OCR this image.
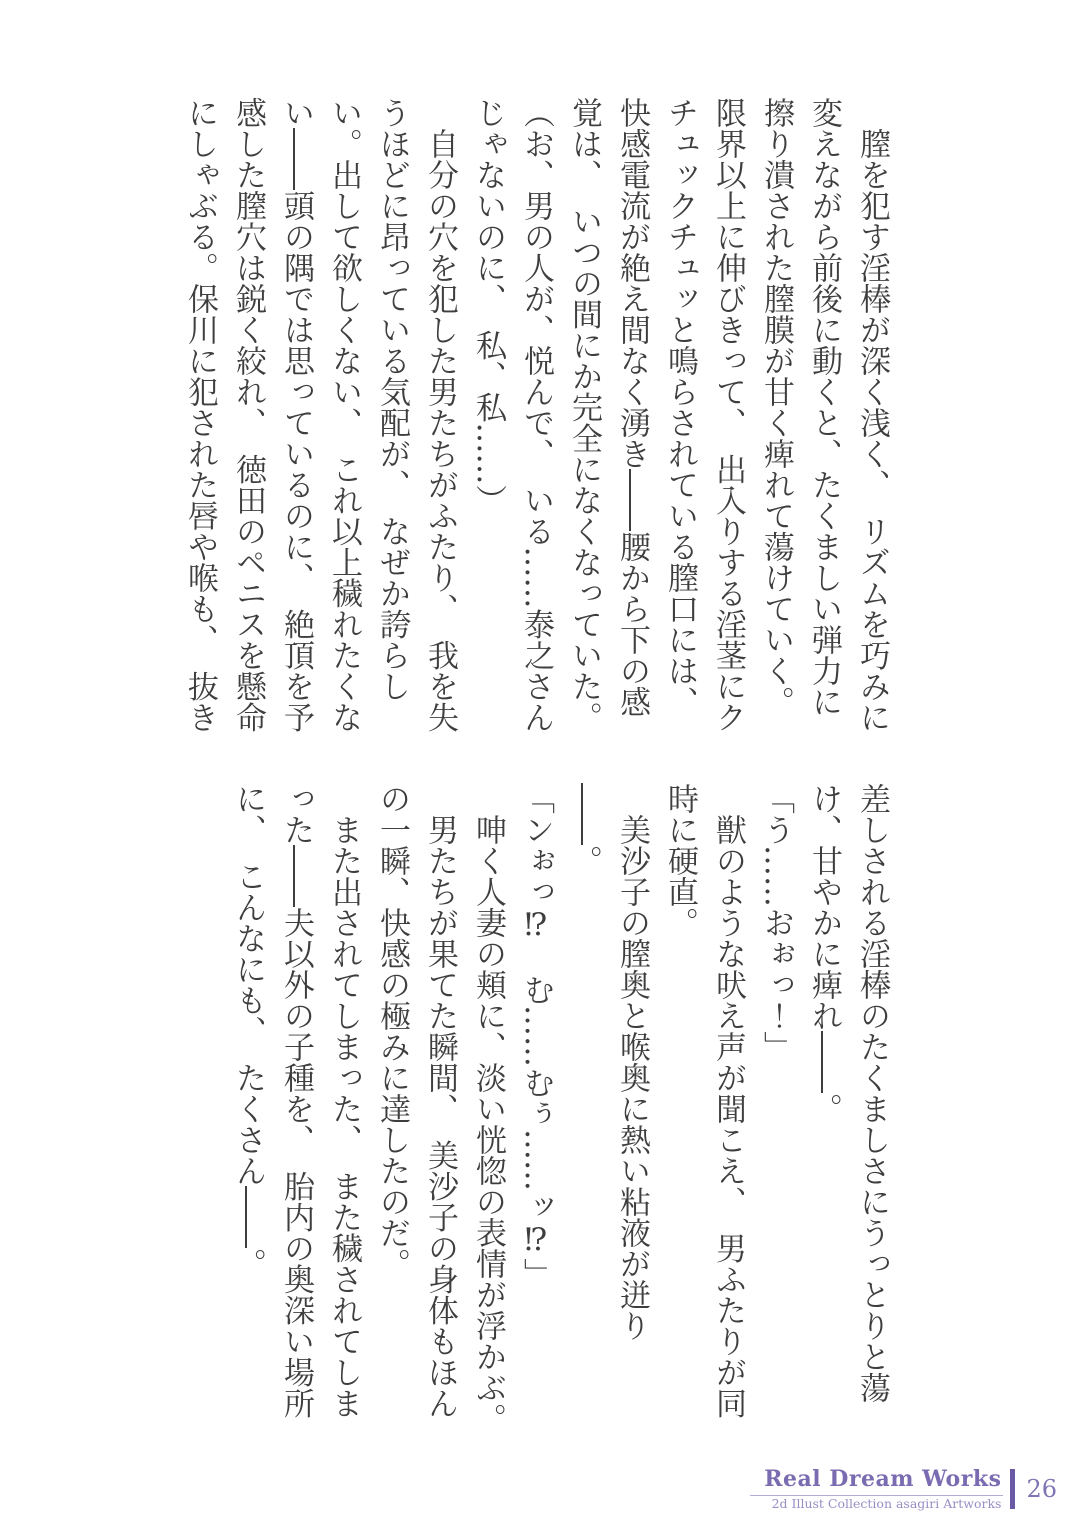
　膣を犯す淫棒が深く浅く、　リズムを巧みに
変えながら前後に動くと、たくましい弾力に
擦り潰された膣膜が甘く痺れて蕩けていく。
限界以上に伸びきって、　出入りする淫茎にク
チュックチュッと鳴らされている膣口には、
快感電流が絶え間なく湧き――腰から下の感
覚は、　いつの間にか完全になくなっていた。
（お、男の人が、悦んで、　いる……泰之さん
じゃないのに、　私、私……）
　自分の穴を犯した男たちがふたり、　我を失
うほどに昂っている気配が、　なぜか誇らし
い。出して欲しくない、　これ以上穢れたくな
い――頭の隅では思っているのに、　絶頂を予
感した膣穴は鋭く絞れ、　徳田のペニスを懸命
にしゃぶる。保川に犯された唇や喉も、　抜き
差しされる淫棒のたくましさにうっとりと蕩
け、甘やかに痺れ――。
「う……おぉっ！」
　獣のような吠え声が聞こえ、　男ふたりが同
時に硬直。
　美沙子の膣奥と喉奥に熱い粘液が迸り
――。
「ンぉっ⁉　む……むぅ……ッ⁉」
　呻く人妻の頬に、淡い恍惚の表情が浮かぶ。
　男たちが果てた瞬間、　美沙子の身体もほん
の一瞬、快感の極みに達したのだ。
　また出されてしまった、　また穢されてしま
った――夫以外の子種を、　胎内の奥深い場所
に、　こんなにも、　たくさん――。
Real Dream Works
2d Illust Collection asagiri Artworks 26
